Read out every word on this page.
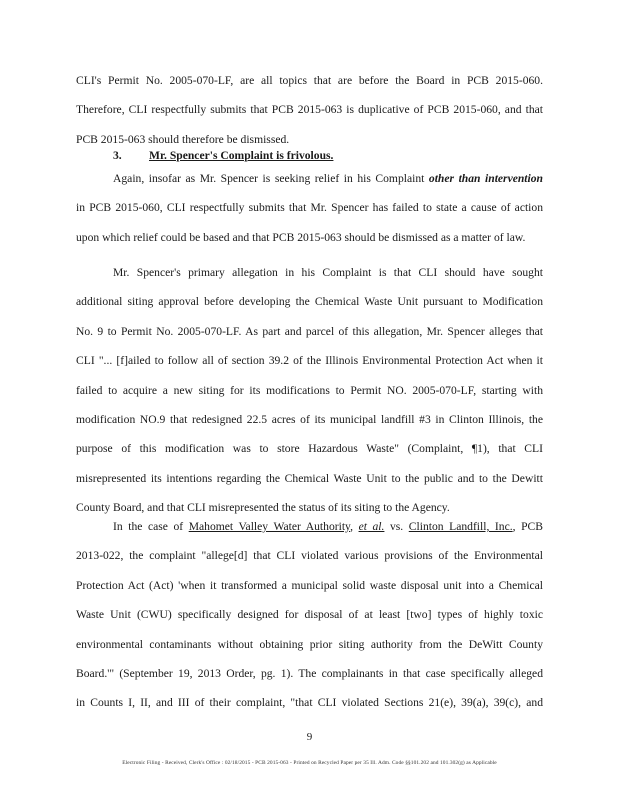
CLI's Permit No. 2005-070-LF, are all topics that are before the Board in PCB 2015-060.
Therefore, CLI respectfully submits that PCB 2015-063 is duplicative of PCB 2015-060, and that
PCB 2015-063 should therefore be dismissed.
3. Mr. Spencer's Complaint is frivolous.
Again, insofar as Mr. Spencer is seeking relief in his Complaint other than intervention
in PCB 2015-060, CLI respectfully submits that Mr. Spencer has failed to state a cause of action
upon which relief could be based and that PCB 2015-063 should be dismissed as a matter of law.
Mr. Spencer's primary allegation in his Complaint is that CLI should have sought
additional siting approval before developing the Chemical Waste Unit pursuant to Modification
No. 9 to Permit No. 2005-070-LF. As part and parcel of this allegation, Mr. Spencer alleges that
CLI "... [f]ailed to follow all of section 39.2 of the Illinois Environmental Protection Act when it
failed to acquire a new siting for its modifications to Permit NO. 2005-070-LF, starting with
modification NO.9 that redesigned 22.5 acres of its municipal landfill #3 in Clinton Illinois, the
purpose of this modification was to store Hazardous Waste" (Complaint, ¶1), that CLI
misrepresented its intentions regarding the Chemical Waste Unit to the public and to the Dewitt
County Board, and that CLI misrepresented the status of its siting to the Agency.
In the case of Mahomet Valley Water Authority, et al. vs. Clinton Landfill, Inc., PCB
2013-022, the complaint "allege[d] that CLI violated various provisions of the Environmental
Protection Act (Act) 'when it transformed a municipal solid waste disposal unit into a Chemical
Waste Unit (CWU) specifically designed for disposal of at least [two] types of highly toxic
environmental contaminants without obtaining prior siting authority from the DeWitt County
Board.'" (September 19, 2013 Order, pg. 1). The complainants in that case specifically alleged
in Counts I, II, and III of their complaint, "that CLI violated Sections 21(e), 39(a), 39(c), and
9
Electronic Filing - Received, Clerk's Office : 02/18/2015 - PCB 2015-063 - Printed on Recycled Paper per 35 Ill. Adm. Code §§101.202 and 101.302(g) as Applicable
